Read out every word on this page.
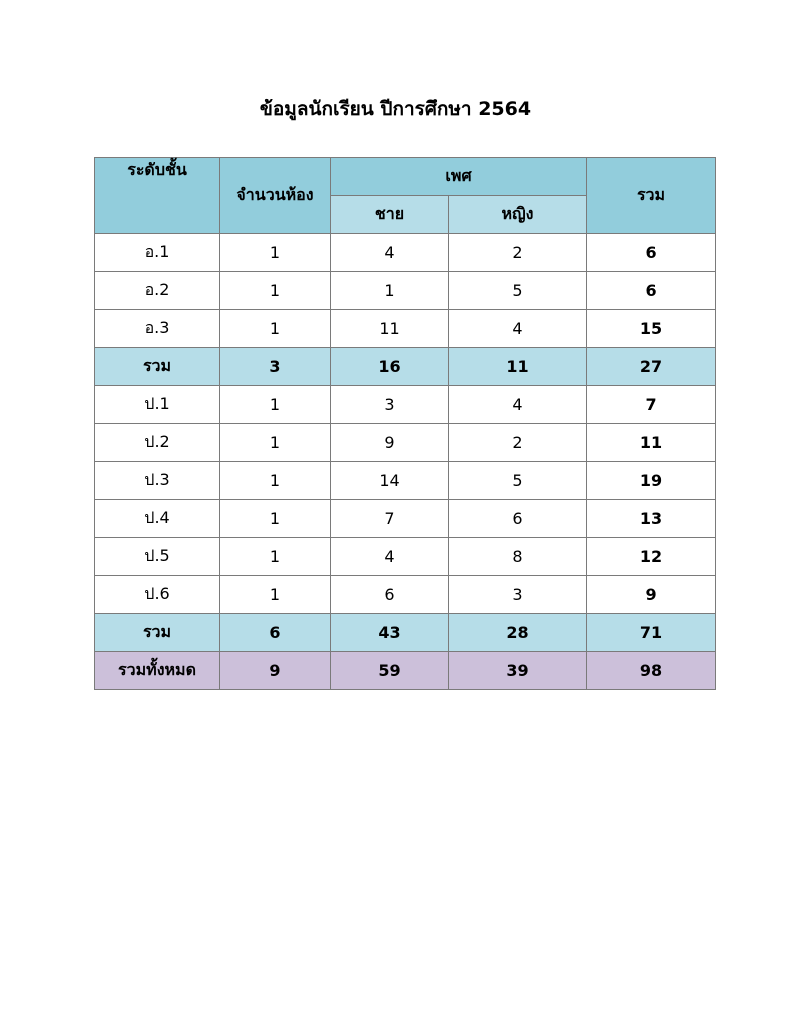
ข้อมูลนักเรียน ปีการศึกษา 2564
ระดับชั้น	จำนวนห้อง	เพศ		รวม
		ชาย	หญิง	
อ.1	1	4	2	6
อ.2	1	1	5	6
อ.3	1	11	4	15
รวม	3	16	11	27
ป.1	1	3	4	7
ป.2	1	9	2	11
ป.3	1	14	5	19
ป.4	1	7	6	13
ป.5	1	4	8	12
ป.6	1	6	3	9
รวม	6	43	28	71
รวมทั้งหมด	9	59	39	98
